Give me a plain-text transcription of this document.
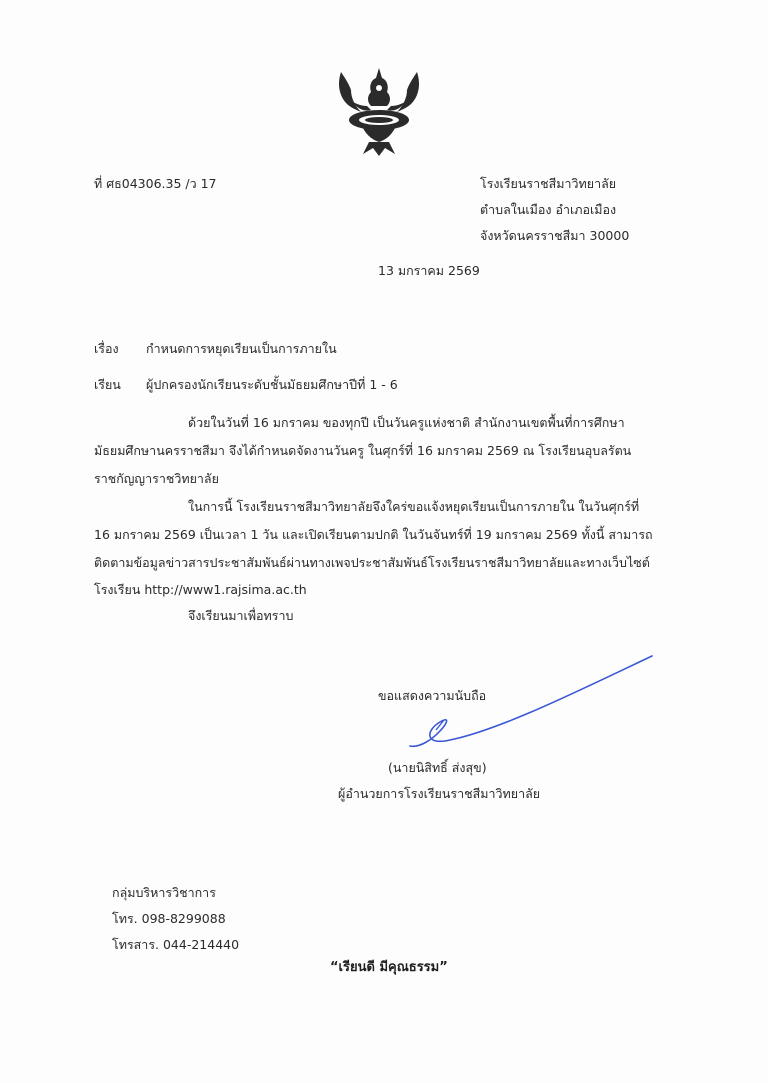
ที่ ศธ04306.35 /ว 17	โรงเรียนราชสีมาวิทยาลัย
ตำบลในเมือง อำเภอเมือง
จังหวัดนครราชสีมา 30000
13 มกราคม 2569
เรื่อง กำหนดการหยุดเรียนเป็นการภายใน
เรียน ผู้ปกครองนักเรียนระดับชั้นมัธยมศึกษาปีที่ 1 - 6
ด้วยในวันที่ 16 มกราคม ของทุกปี เป็นวันครูแห่งชาติ สำนักงานเขตพื้นที่การศึกษา
มัธยมศึกษานครราชสีมา จึงได้กำหนดจัดงานวันครู ในศุกร์ที่ 16 มกราคม 2569 ณ โรงเรียนอุบลรัตน
ราชกัญญาราชวิทยาลัย
ในการนี้ โรงเรียนราชสีมาวิทยาลัยจึงใคร่ขอแจ้งหยุดเรียนเป็นการภายใน ในวันศุกร์ที่
16 มกราคม 2569 เป็นเวลา 1 วัน และเปิดเรียนตามปกติ ในวันจันทร์ที่ 19 มกราคม 2569 ทั้งนี้ สามารถ
ติดตามข้อมูลข่าวสารประชาสัมพันธ์ผ่านทางเพจประชาสัมพันธ์โรงเรียนราชสีมาวิทยาลัยและทางเว็บไซต์
โรงเรียน http://www1.rajsima.ac.th
จึงเรียนมาเพื่อทราบ
ขอแสดงความนับถือ
(นายนิสิทธิ์ ส่งสุข)
ผู้อำนวยการโรงเรียนราชสีมาวิทยาลัย
กลุ่มบริหารวิชาการ
โทร. 098-8299088
โทรสาร. 044-214440
“เรียนดี มีคุณธรรม”
